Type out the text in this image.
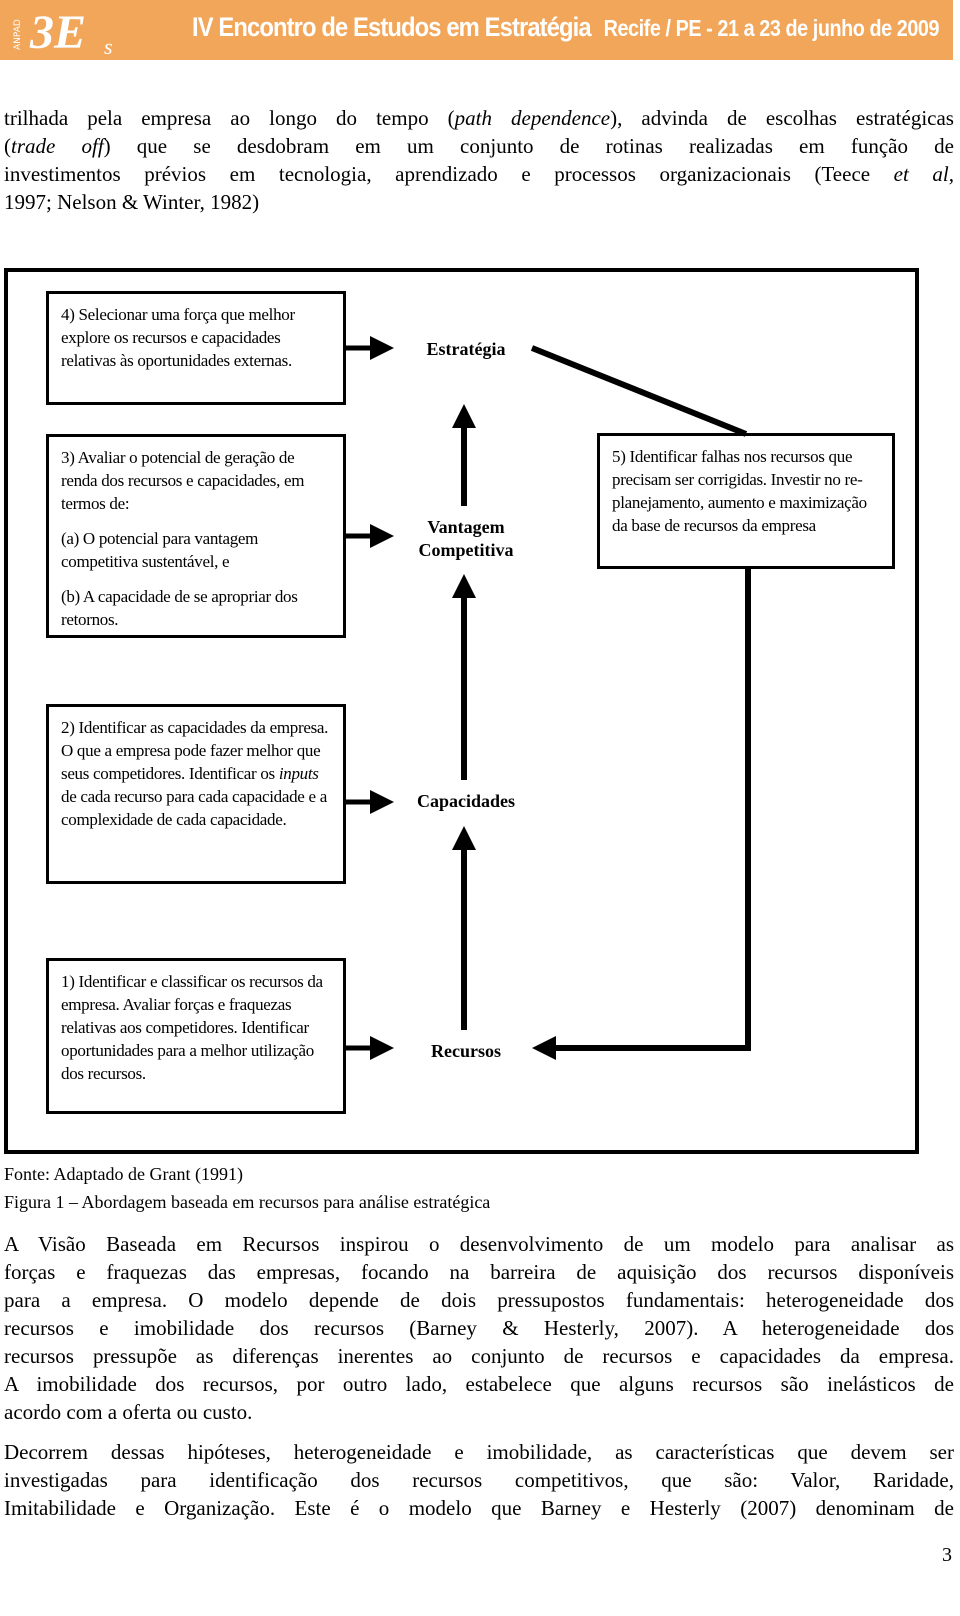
ANPAD 3E s
IV Encontro de Estudos em Estratégia Recife / PE - 21 a 23 de junho de 2009
trilhada pela empresa ao longo do tempo (path dependence), advinda de escolhas estratégicas
(trade off) que se desdobram em um conjunto de rotinas realizadas em função de
investimentos prévios em tecnologia, aprendizado e processos organizacionais (Teece et al,
1997; Nelson & Winter, 1982)

4) Selecionar uma força que melhor explore os recursos e capacidades relativas às oportunidades externas.

3) Avaliar o potencial de geração de renda dos recursos e capacidades, em termos de:

(a) O potencial para vantagem competitiva sustentável, e

(b) A capacidade de se apropriar dos retornos.

5) Identificar falhas nos recursos que precisam ser corrigidas. Investir no re-planejamento, aumento e maximização da base de recursos da empresa

2) Identificar as capacidades da empresa. O que a empresa pode fazer melhor que seus competidores. Identificar os inputs de cada recurso para cada capacidade e a complexidade de cada capacidade.

1) Identificar e classificar os recursos da empresa. Avaliar forças e fraquezas relativas aos competidores. Identificar oportunidades para a melhor utilização dos recursos.

Estratégia
Vantagem Competitiva
Capacidades
Recursos
Fonte: Adaptado de Grant (1991)
Figura 1 – Abordagem baseada em recursos para análise estratégica
A Visão Baseada em Recursos inspirou o desenvolvimento de um modelo para analisar as
forças e fraquezas das empresas, focando na barreira de aquisição dos recursos disponíveis
para a empresa. O modelo depende de dois pressupostos fundamentais: heterogeneidade dos
recursos e imobilidade dos recursos (Barney & Hesterly, 2007). A heterogeneidade dos
recursos pressupõe as diferenças inerentes ao conjunto de recursos e capacidades da empresa.
A imobilidade dos recursos, por outro lado, estabelece que alguns recursos são inelásticos de
acordo com a oferta ou custo.
Decorrem dessas hipóteses, heterogeneidade e imobilidade, as características que devem ser
investigadas para identificação dos recursos competitivos, que são: Valor, Raridade,
Imitabilidade e Organização. Este é o modelo que Barney e Hesterly (2007) denominam de
3
